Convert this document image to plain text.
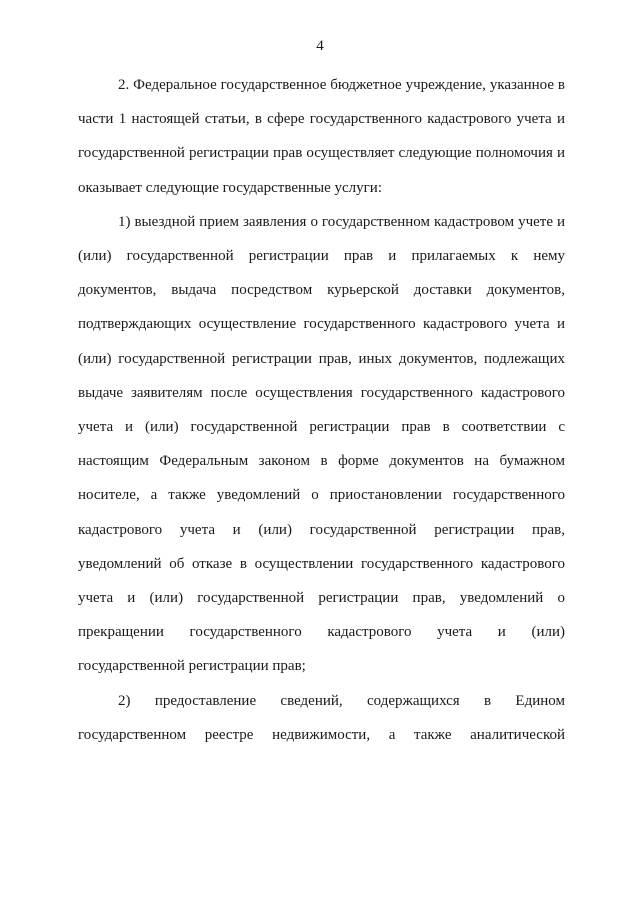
4

2. Федеральное государственное бюджетное учреждение, указанное в части 1 настоящей статьи, в сфере государственного кадастрового учета и государственной регистрации прав осуществляет следующие полномочия и оказывает следующие государственные услуги:

1) выездной прием заявления о государственном кадастровом учете и (или) государственной регистрации прав и прилагаемых к нему документов, выдача посредством курьерской доставки документов, подтверждающих осуществление государственного кадастрового учета и (или) государственной регистрации прав, иных документов, подлежащих выдаче заявителям после осуществления государственного кадастрового учета и (или) государственной регистрации прав в соответствии с настоящим Федеральным законом в форме документов на бумажном носителе, а также уведомлений о приостановлении государственного кадастрового учета и (или) государственной регистрации прав, уведомлений об отказе в осуществлении государственного кадастрового учета и (или) государственной регистрации прав, уведомлений о прекращении государственного кадастрового учета и (или) государственной регистрации прав;

2) предоставление сведений, содержащихся в Едином государственном реестре недвижимости, а также аналитической
